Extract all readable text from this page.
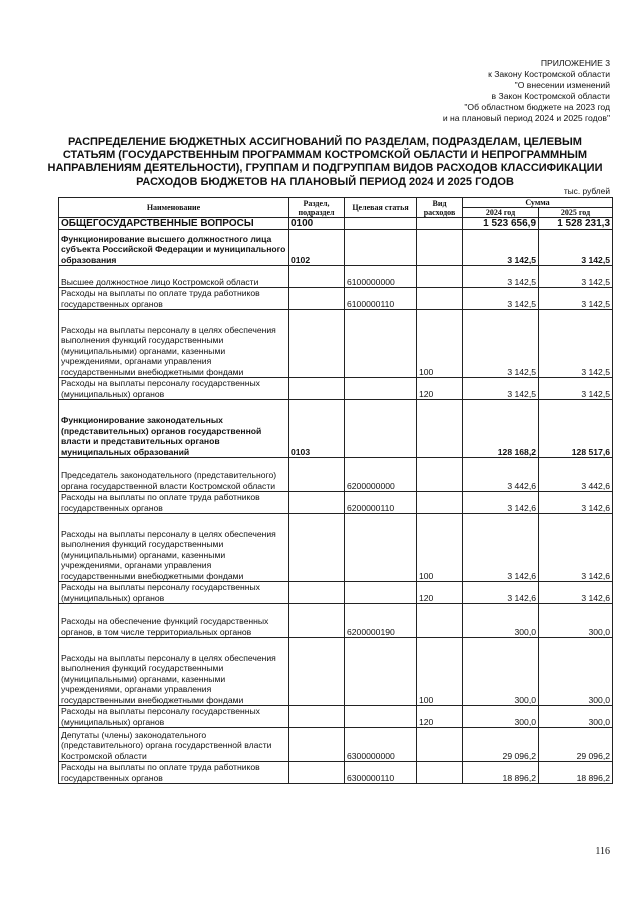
ПРИЛОЖЕНИЕ 3
к Закону Костромской области
"О внесении изменений
в Закон Костромской области
"Об областном бюджете на 2023 год
и на плановый период 2024 и 2025 годов"
РАСПРЕДЕЛЕНИЕ БЮДЖЕТНЫХ АССИГНОВАНИЙ ПО РАЗДЕЛАМ, ПОДРАЗДЕЛАМ, ЦЕЛЕВЫМ
СТАТЬЯМ (ГОСУДАРСТВЕННЫМ ПРОГРАММАМ КОСТРОМСКОЙ ОБЛАСТИ И НЕПРОГРАММНЫМ
НАПРАВЛЕНИЯМ ДЕЯТЕЛЬНОСТИ), ГРУППАМ И ПОДГРУППАМ ВИДОВ РАСХОДОВ КЛАССИФИКАЦИИ
РАСХОДОВ БЮДЖЕТОВ НА ПЛАНОВЫЙ ПЕРИОД 2024 И 2025 ГОДОВ
тыс. рублей
Наименование	Раздел, подраздел	Целевая статья	Вид расходов	Сумма	
				2024 год	2025 год
ОБЩЕГОСУДАРСТВЕННЫЕ ВОПРОСЫ	0100			1 523 656,9	1 528 231,3
Функционирование высшего должностного лица субъекта Российской Федерации и муниципального образования	0102			3 142,5	3 142,5
Высшее должностное лицо Костромской области		6100000000		3 142,5	3 142,5
Расходы на выплаты по оплате труда работников государственных органов		6100000110		3 142,5	3 142,5
Расходы на выплаты персоналу в целях обеспечения выполнения функций государственными (муниципальными) органами, казенными учреждениями, органами управления государственными внебюджетными фондами			100	3 142,5	3 142,5
Расходы на выплаты персоналу государственных (муниципальных) органов			120	3 142,5	3 142,5
Функционирование законодательных (представительных) органов государственной власти и представительных органов муниципальных образований	0103			128 168,2	128 517,6
Председатель законодательного (представительного) органа государственной власти Костромской области		6200000000		3 442,6	3 442,6
Расходы на выплаты по оплате труда работников государственных органов		6200000110		3 142,6	3 142,6
Расходы на выплаты персоналу в целях обеспечения выполнения функций государственными (муниципальными) органами, казенными учреждениями, органами управления государственными внебюджетными фондами			100	3 142,6	3 142,6
Расходы на выплаты персоналу государственных (муниципальных) органов			120	3 142,6	3 142,6
Расходы на обеспечение функций государственных органов, в том числе территориальных органов		6200000190		300,0	300,0
Расходы на выплаты персоналу в целях обеспечения выполнения функций государственными (муниципальными) органами, казенными учреждениями, органами управления государственными внебюджетными фондами			100	300,0	300,0
Расходы на выплаты персоналу государственных (муниципальных) органов			120	300,0	300,0
Депутаты (члены) законодательного (представительного) органа государственной власти Костромской области		6300000000		29 096,2	29 096,2
Расходы на выплаты по оплате труда работников государственных органов		6300000110		18 896,2	18 896,2
116
